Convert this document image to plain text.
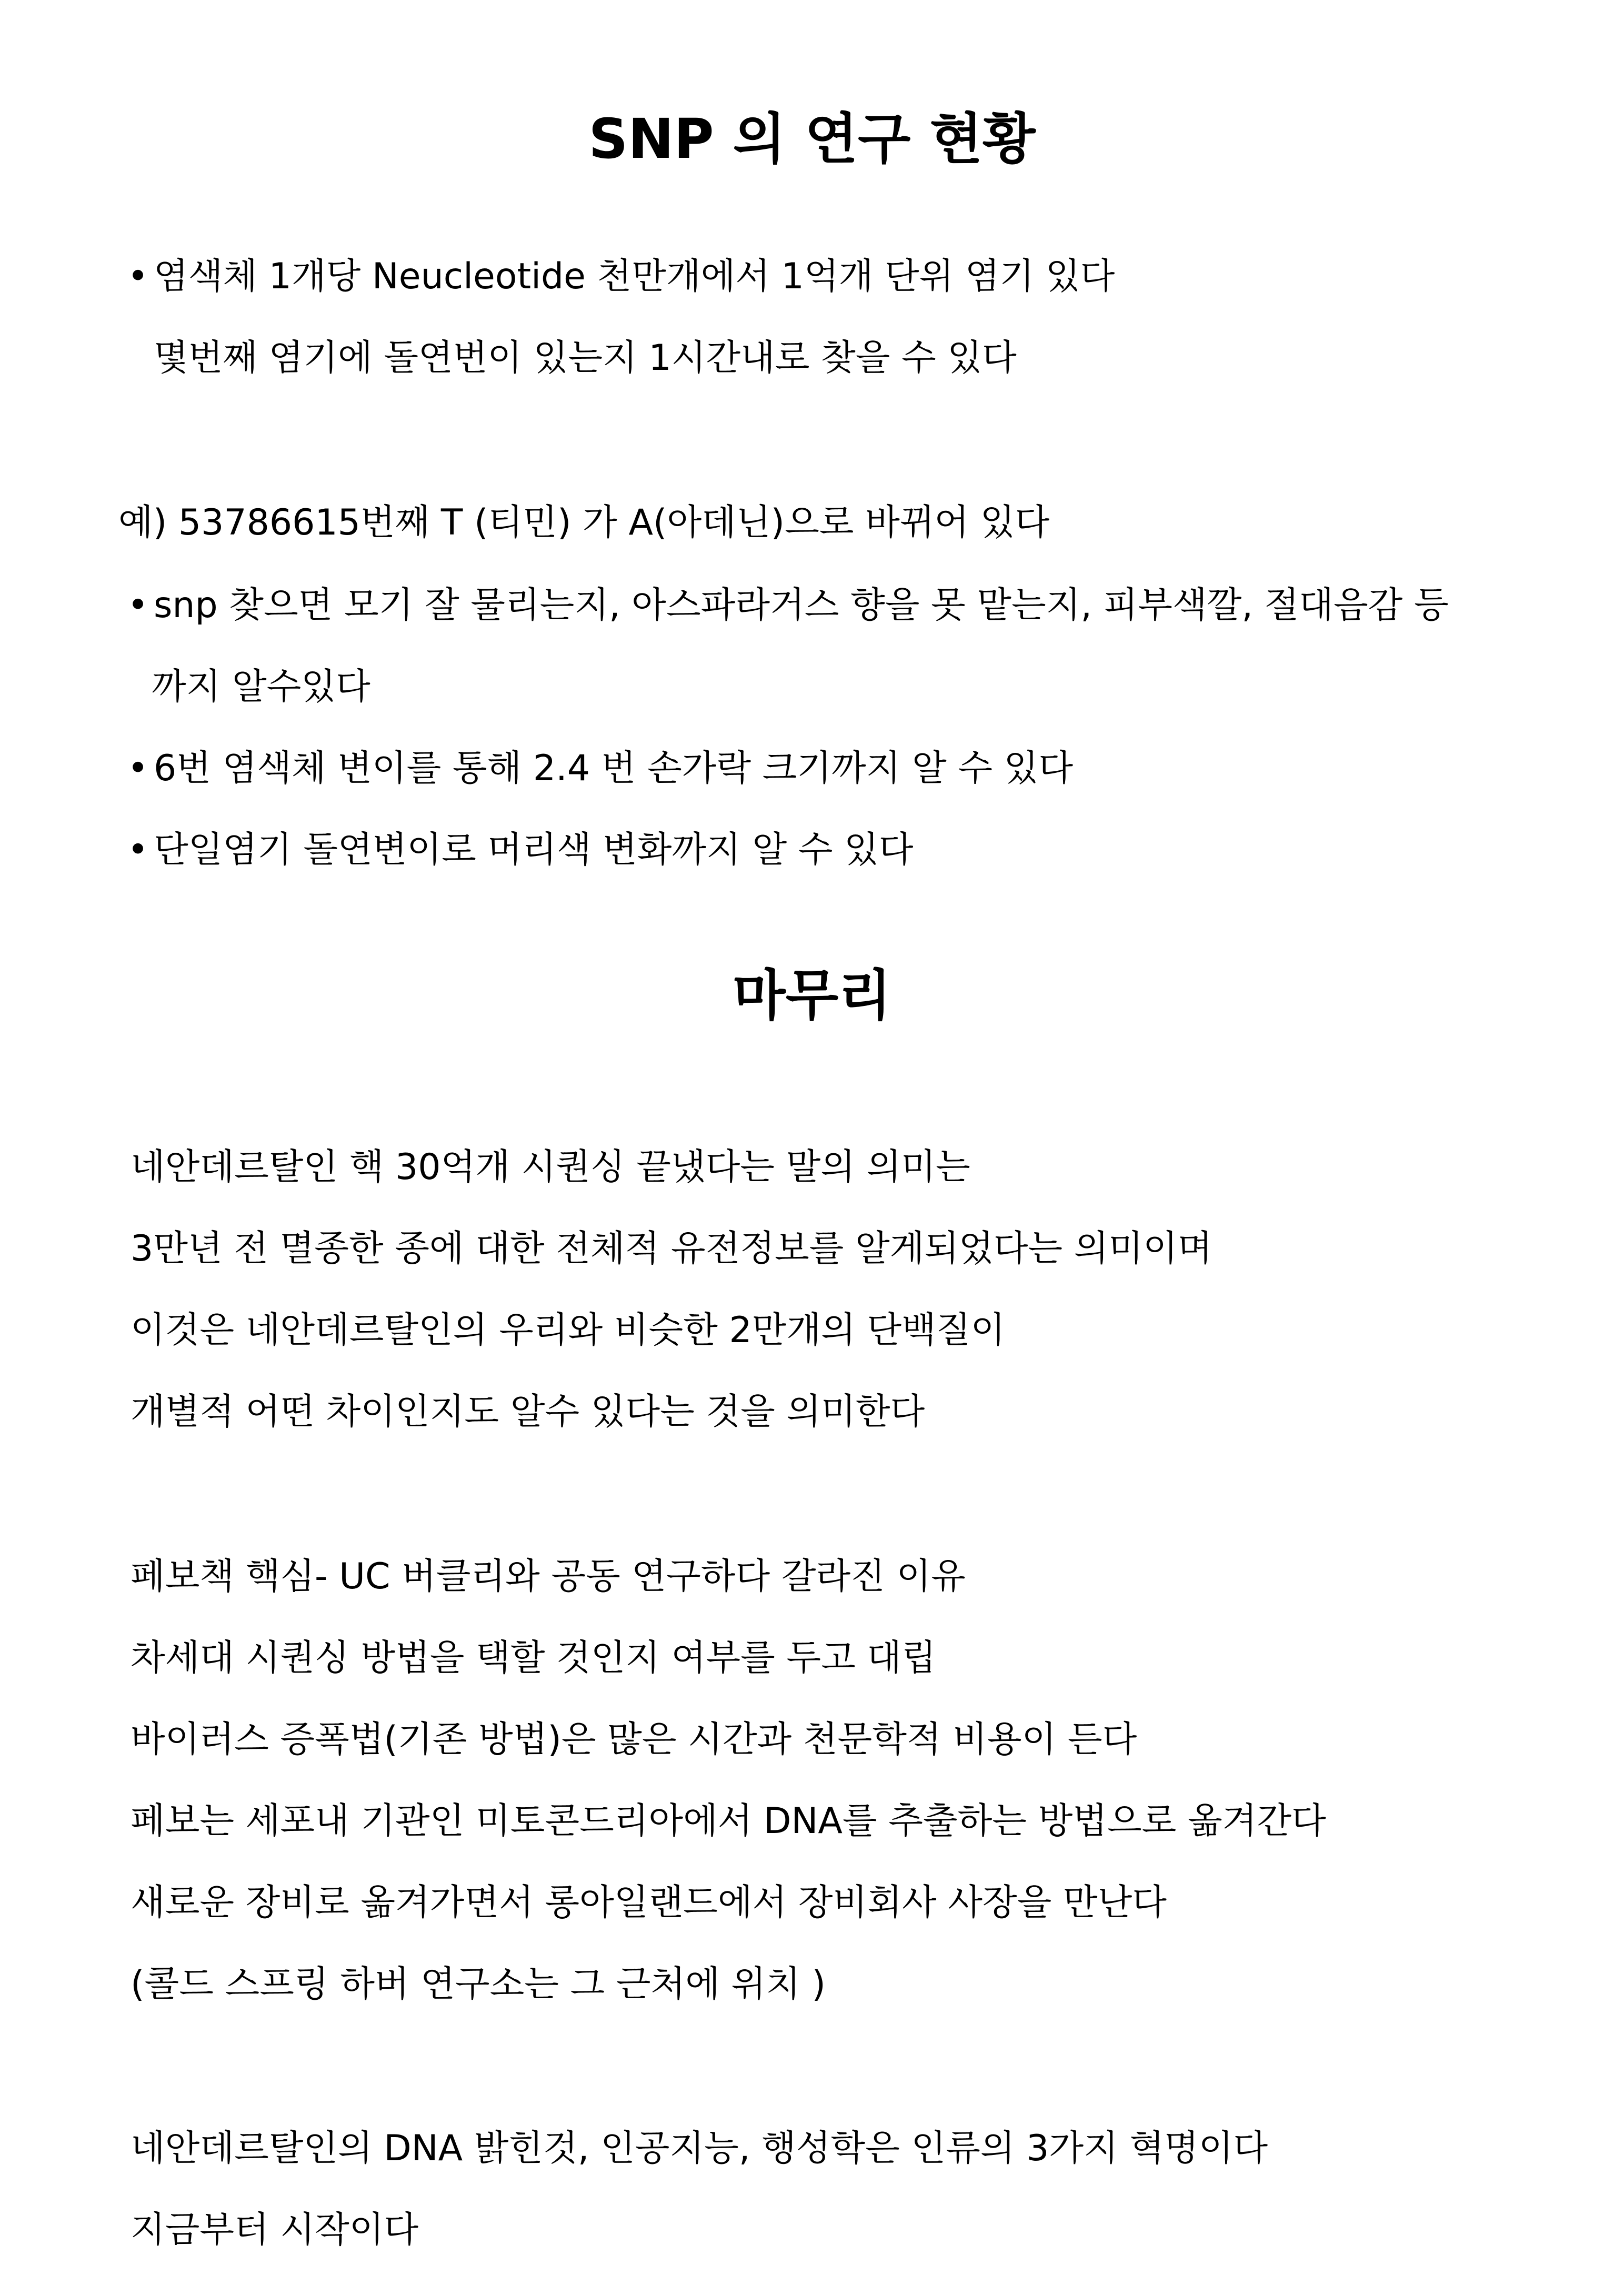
SNP 의 연구 현황
• 염색체 1개당 Neucleotide 천만개에서 1억개 단위 염기 있다
몇번째 염기에 돌연번이 있는지 1시간내로 찾을 수 있다
예) 53786615번째 T (티민) 가 A(아데닌)으로 바뀌어 있다
• snp 찾으면 모기 잘 물리는지, 아스파라거스 향을 못 맡는지, 피부색깔, 절대음감 등
까지 알수있다
• 6번 염색체 변이를 통해 2.4 번 손가락 크기까지 알 수 있다
• 단일염기 돌연변이로 머리색 변화까지 알 수 있다
마무리
네안데르탈인 핵 30억개 시퀀싱 끝냈다는 말의 의미는
3만년 전 멸종한 종에 대한 전체적 유전정보를 알게되었다는 의미이며
이것은 네안데르탈인의 우리와 비슷한 2만개의 단백질이
개별적 어떤 차이인지도 알수 있다는 것을 의미한다
페보책 핵심- UC 버클리와 공동 연구하다 갈라진 이유
차세대 시퀀싱 방법을 택할 것인지 여부를 두고 대립
바이러스 증폭법(기존 방법)은 많은 시간과 천문학적 비용이 든다
페보는 세포내 기관인 미토콘드리아에서 DNA를 추출하는 방법으로 옮겨간다
새로운 장비로 옮겨가면서 롱아일랜드에서 장비회사 사장을 만난다
(콜드 스프링 하버 연구소는 그 근처에 위치 )
네안데르탈인의 DNA 밝힌것, 인공지능, 행성학은 인류의 3가지 혁명이다
지금부터 시작이다
